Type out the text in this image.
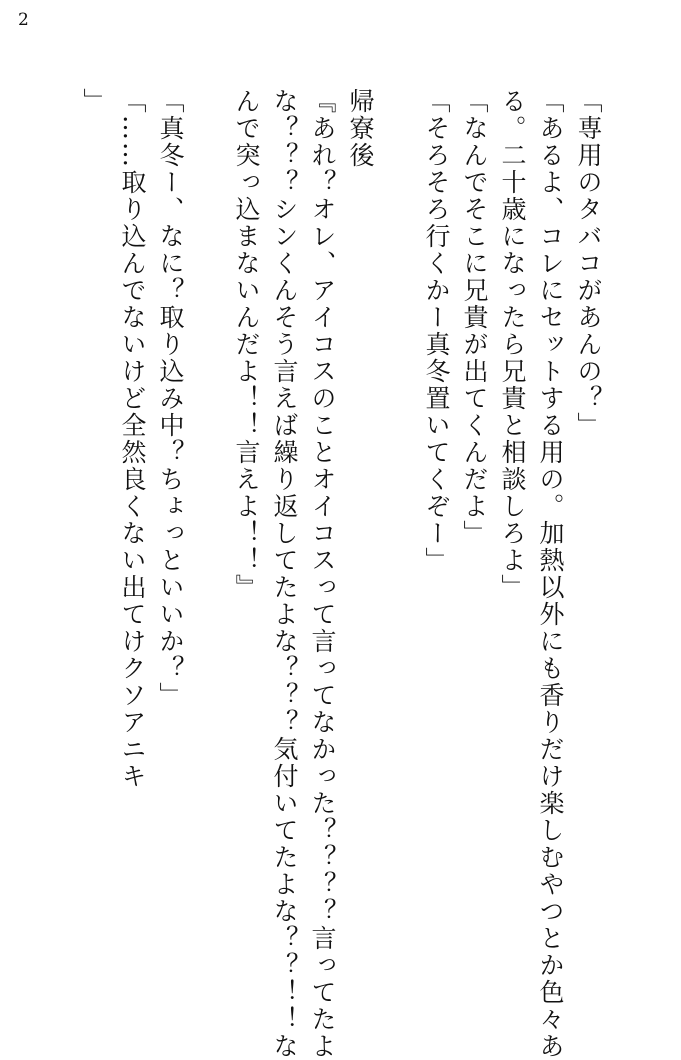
2

「専用のタバコがあんの？」

「あるよ、コレにセットする用の。加熱以外にも香りだけ楽しむやつとか色々あ

る。二十歳になったら兄貴と相談しろよ」

「なんでそこに兄貴が出てくんだよ」

「そろそろ行くかー真冬置いてくぞー」

帰寮後

『あれ？オレ、アイコスのことオイコスって言ってなかった？？？？言ってたよ

な？？？シンくんそう言えば繰り返してたよな？？？気付いてたよな？？！！な

んで突っ込まないんだよ！！言えよ！！』

「真冬ー、なに？取り込み中？ちょっといいか？」

「……取り込んでないけど全然良くない出てけクソアニキ

」
